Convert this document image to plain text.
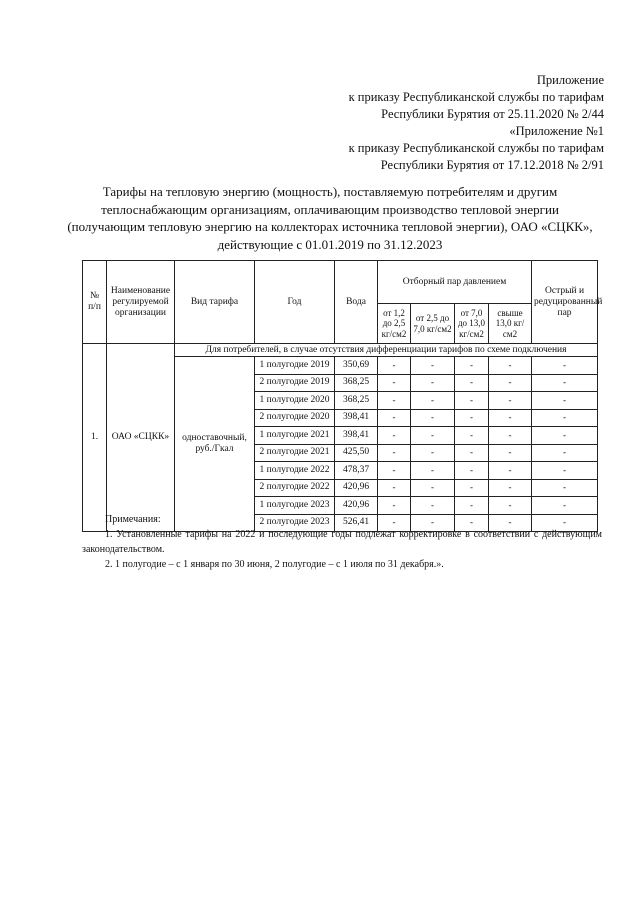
Приложение
к приказу Республиканской службы по тарифам
Республики Бурятия от 25.11.2020 № 2/44
«Приложение №1
к приказу Республиканской службы по тарифам
Республики Бурятия от 17.12.2018 № 2/91
Тарифы на тепловую энергию (мощность), поставляемую потребителям и другим
теплоснабжающим организациям, оплачивающим производство тепловой энергии
(получающим тепловую энергию на коллекторах источника тепловой энергии), ОАО «СЦКК»,
действующие с 01.01.2019 по 31.12.2023
№ п/п	Наименование регулируемой организации	Вид тарифа	Год	Вода	Отборный пар давлением				Острый и редуцированный пар
					от 1,2 до 2,5 кг/см2	от 2,5 до 7,0 кг/см2	от 7,0 до 13,0 кг/см2	свыше 13,0 кг/см2	
1.	ОАО «СЦКК»	Для потребителей, в случае отсутствия дифференциации тарифов по схеме подключения							
		одноставочный, руб./Гкал	1 полугодие 2019	350,69	-	-	-	-	-
			2 полугодие 2019	368,25	-	-	-	-	-
			1 полугодие 2020	368,25	-	-	-	-	-
			2 полугодие 2020	398,41	-	-	-	-	-
			1 полугодие 2021	398,41	-	-	-	-	-
			2 полугодие 2021	425,50	-	-	-	-	-
			1 полугодие 2022	478,37	-	-	-	-	-
			2 полугодие 2022	420,96	-	-	-	-	-
			1 полугодие 2023	420,96	-	-	-	-	-
			2 полугодие 2023	526,41	-	-	-	-	-
Примечания:
1. Установленные тарифы на 2022 и последующие годы подлежат корректировке в соответствии с действующим законодательством.
2. 1 полугодие – с 1 января по 30 июня, 2 полугодие – с 1 июля по 31 декабря.».
